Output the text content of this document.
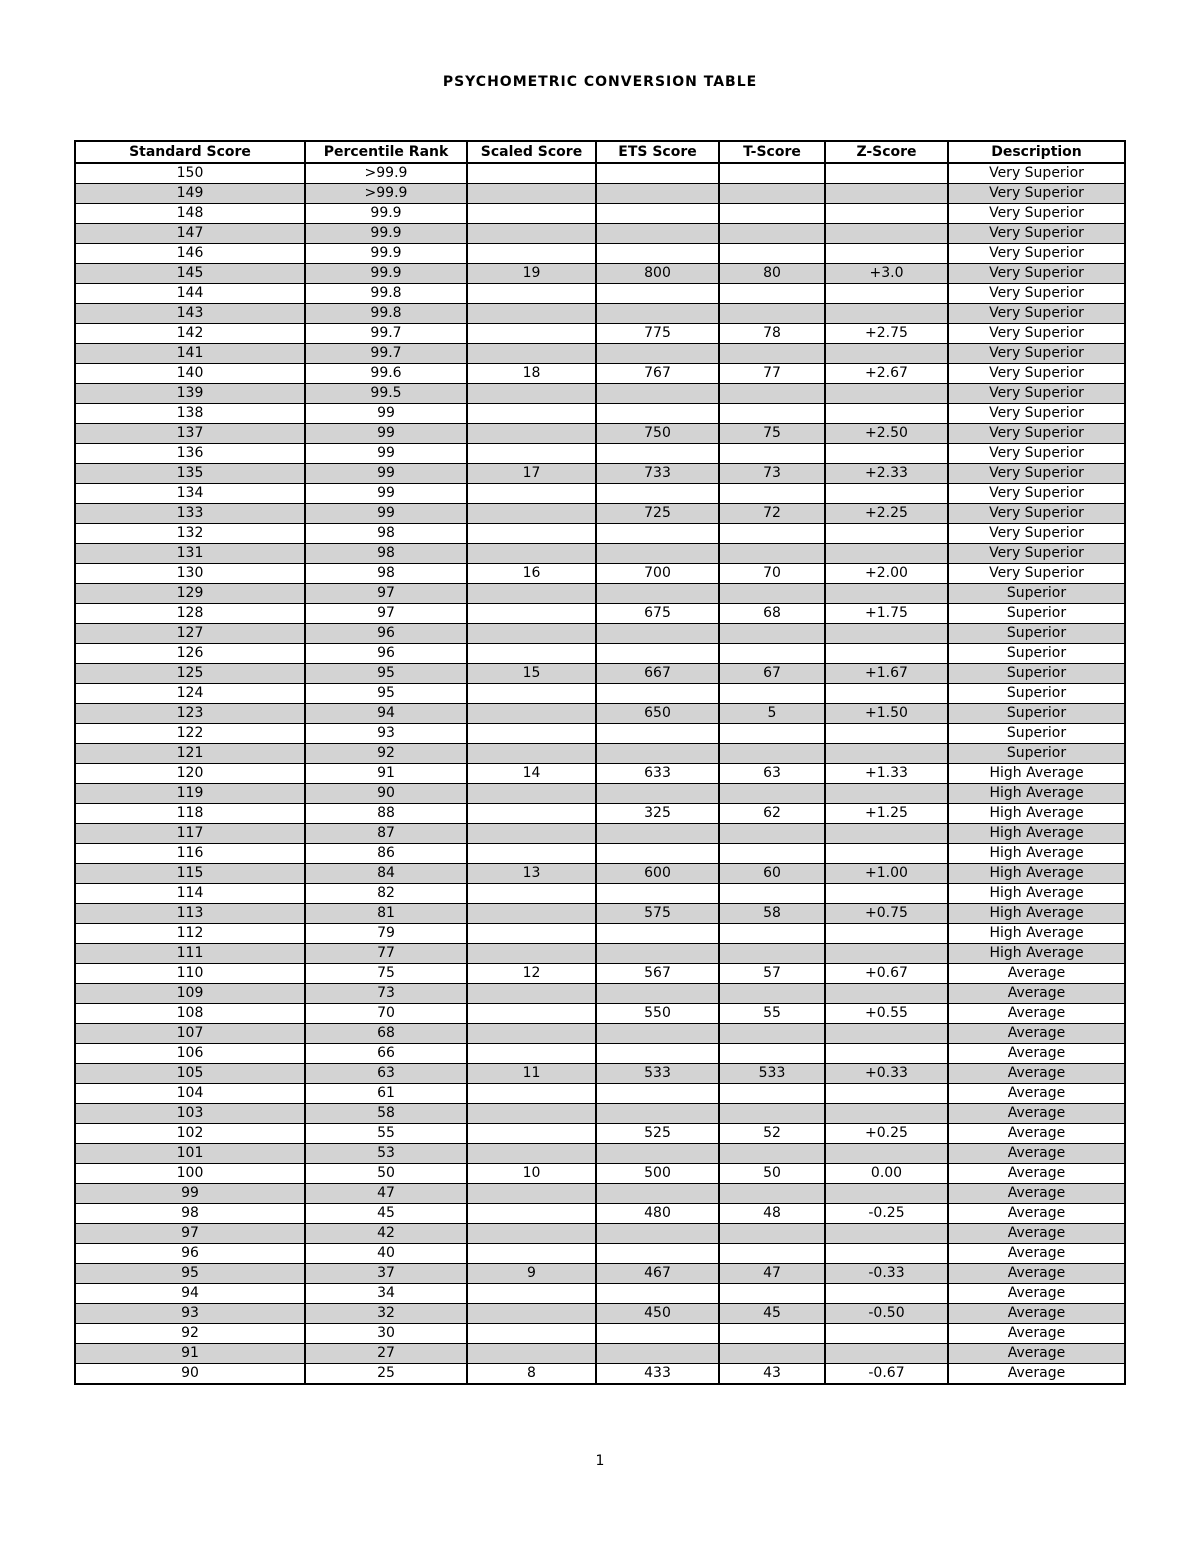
PSYCHOMETRIC CONVERSION TABLE
Standard Score	Percentile Rank	Scaled Score	ETS Score	T-Score	Z-Score	Description
150	>99.9					Very Superior
149	>99.9					Very Superior
148	99.9					Very Superior
147	99.9					Very Superior
146	99.9					Very Superior
145	99.9	19	800	80	+3.0	Very Superior
144	99.8					Very Superior
143	99.8					Very Superior
142	99.7		775	78	+2.75	Very Superior
141	99.7					Very Superior
140	99.6	18	767	77	+2.67	Very Superior
139	99.5					Very Superior
138	99					Very Superior
137	99		750	75	+2.50	Very Superior
136	99					Very Superior
135	99	17	733	73	+2.33	Very Superior
134	99					Very Superior
133	99		725	72	+2.25	Very Superior
132	98					Very Superior
131	98					Very Superior
130	98	16	700	70	+2.00	Very Superior
129	97					Superior
128	97		675	68	+1.75	Superior
127	96					Superior
126	96					Superior
125	95	15	667	67	+1.67	Superior
124	95					Superior
123	94		650	5	+1.50	Superior
122	93					Superior
121	92					Superior
120	91	14	633	63	+1.33	High Average
119	90					High Average
118	88		325	62	+1.25	High Average
117	87					High Average
116	86					High Average
115	84	13	600	60	+1.00	High Average
114	82					High Average
113	81		575	58	+0.75	High Average
112	79					High Average
111	77					High Average
110	75	12	567	57	+0.67	Average
109	73					Average
108	70		550	55	+0.55	Average
107	68					Average
106	66					Average
105	63	11	533	533	+0.33	Average
104	61					Average
103	58					Average
102	55		525	52	+0.25	Average
101	53					Average
100	50	10	500	50	0.00	Average
99	47					Average
98	45		480	48	-0.25	Average
97	42					Average
96	40					Average
95	37	9	467	47	-0.33	Average
94	34					Average
93	32		450	45	-0.50	Average
92	30					Average
91	27					Average
90	25	8	433	43	-0.67	Average
1
